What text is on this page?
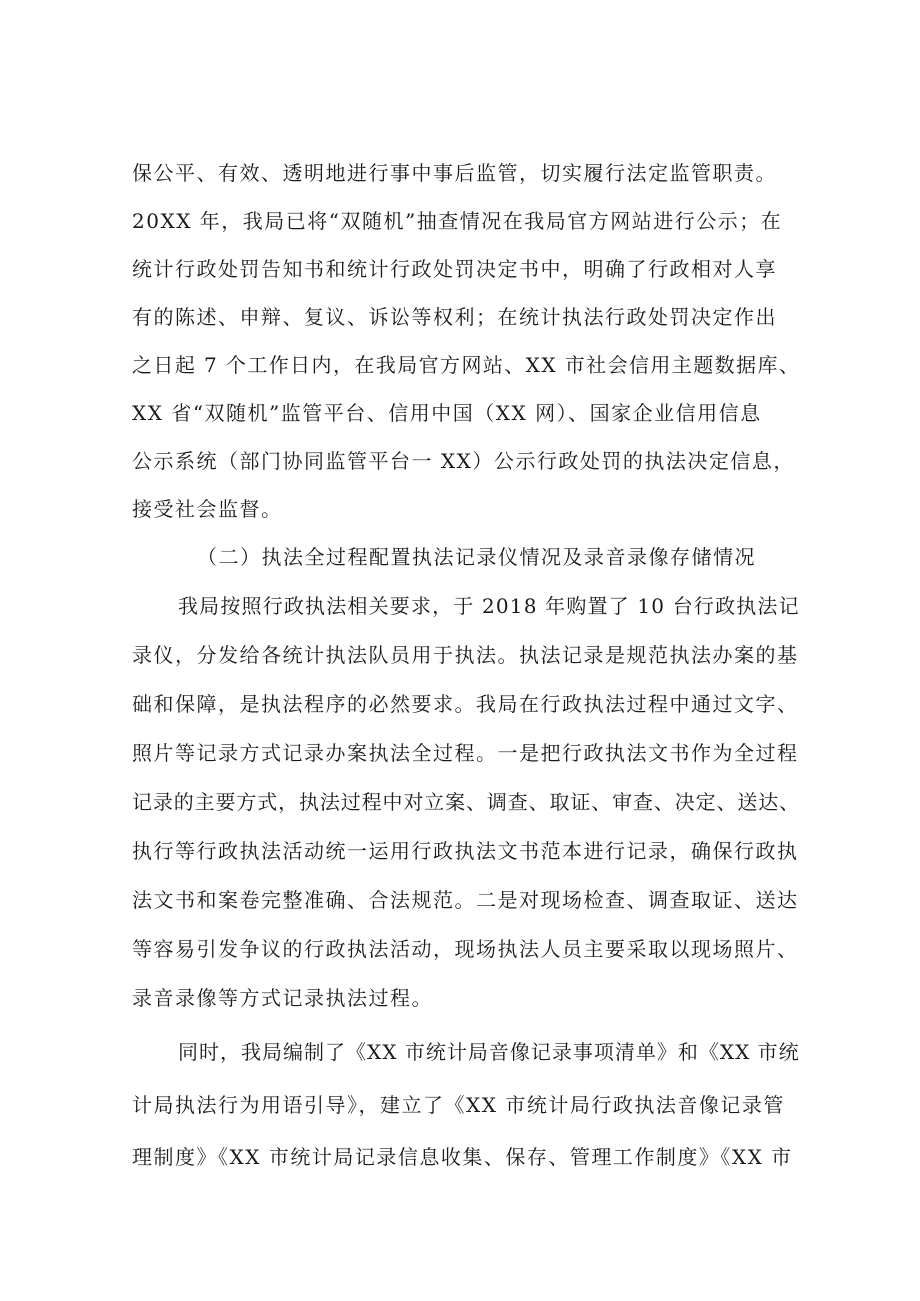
保公平、有效、透明地进行事中事后监管，切实履行法定监管职责。
20XX 年，我局已将“双随机”抽查情况在我局官方网站进行公示；在
统计行政处罚告知书和统计行政处罚决定书中，明确了行政相对人享
有的陈述、申辩、复议、诉讼等权利；在统计执法行政处罚决定作出
之日起 7 个工作日内，在我局官方网站、XX 市社会信用主题数据库、
XX 省“双随机”监管平台、信用中国（XX 网）、国家企业信用信息
公示系统（部门协同监管平台一 XX）公示行政处罚的执法决定信息，
接受社会监督。
（二）执法全过程配置执法记录仪情况及录音录像存储情况
我局按照行政执法相关要求，于 2018 年购置了 10 台行政执法记
录仪，分发给各统计执法队员用于执法。执法记录是规范执法办案的基
础和保障，是执法程序的必然要求。我局在行政执法过程中通过文字、
照片等记录方式记录办案执法全过程。一是把行政执法文书作为全过程
记录的主要方式，执法过程中对立案、调查、取证、审查、决定、送达、
执行等行政执法活动统一运用行政执法文书范本进行记录，确保行政执
法文书和案卷完整准确、合法规范。二是对现场检查、调查取证、送达
等容易引发争议的行政执法活动，现场执法人员主要采取以现场照片、
录音录像等方式记录执法过程。
同时，我局编制了《XX 市统计局音像记录事项清单》和《XX 市统
计局执法行为用语引导》，建立了《XX 市统计局行政执法音像记录管
理制度》《XX 市统计局记录信息收集、保存、管理工作制度》《XX 市
